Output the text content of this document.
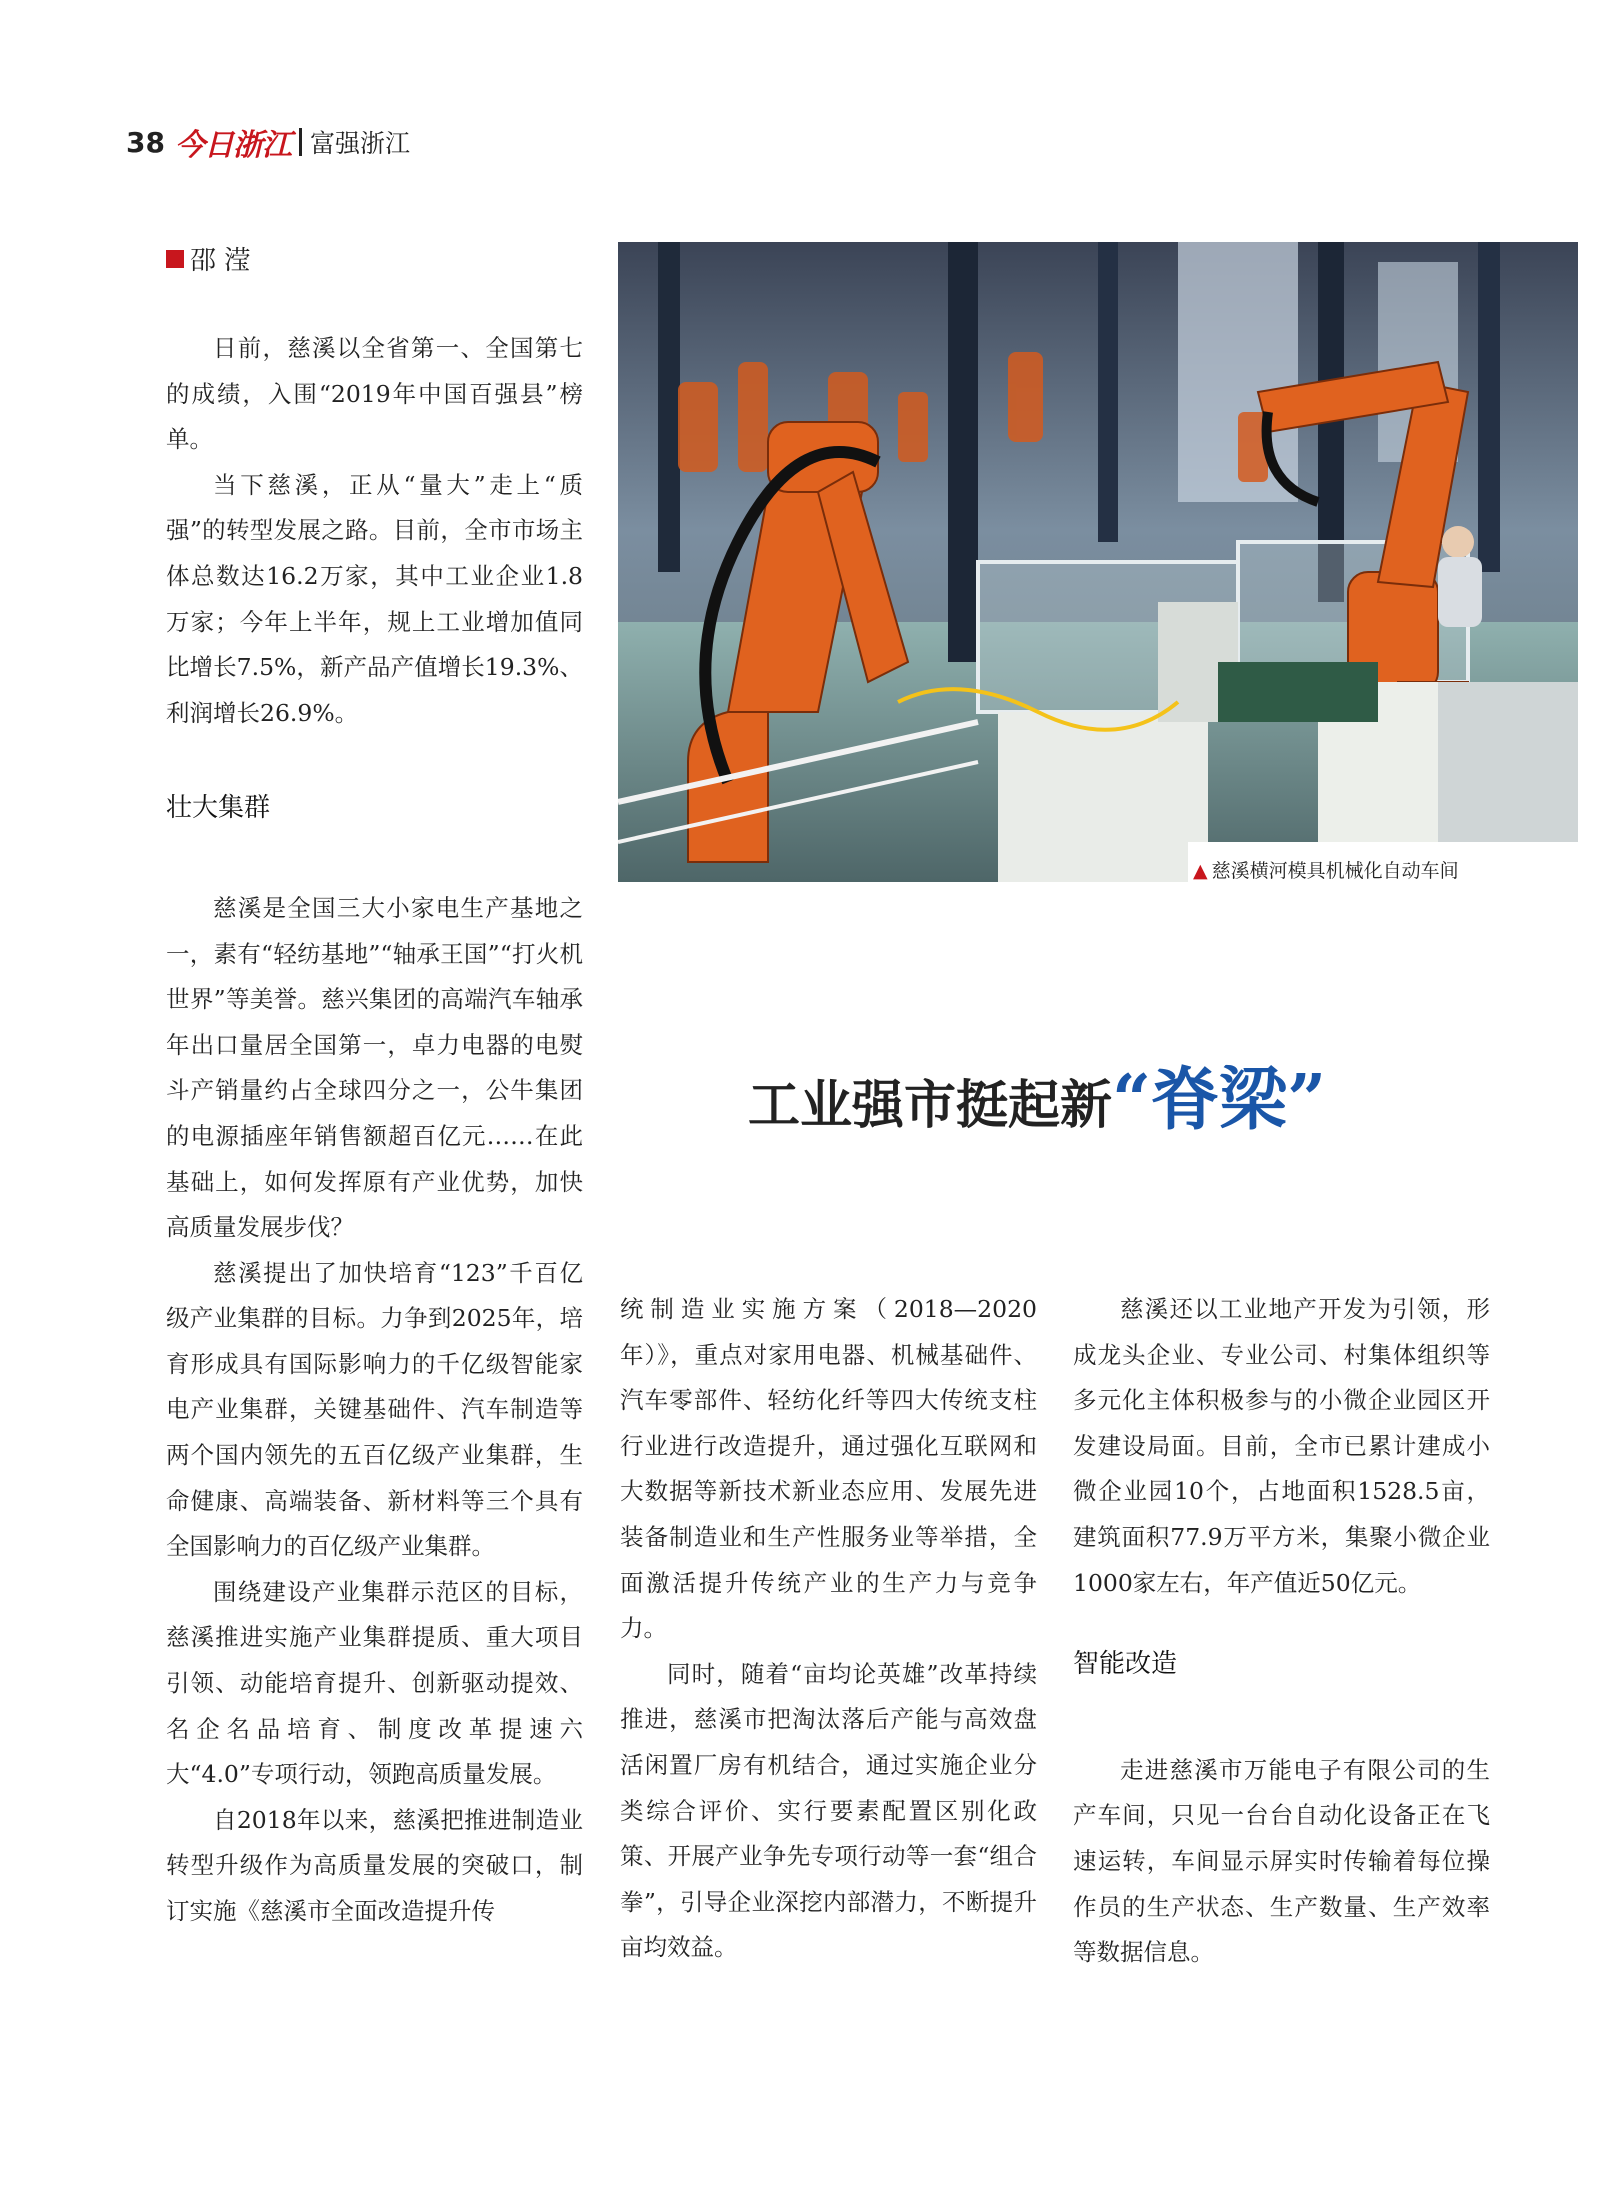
38 今日浙江 富强浙江
邵 滢
▲ 慈溪横河模具机械化自动车间
工业强市挺起新“脊梁”

日前，慈溪以全省第一、全国第七的成绩，入围“2019年中国百强县”榜单。

当下慈溪，正从“量大”走上“质强”的转型发展之路。目前，全市市场主体总数达16.2万家，其中工业企业1.8万家；今年上半年，规上工业增加值同比增长7.5%，新产品产值增长19.3%、利润增长26.9%。

壮大集群

慈溪是全国三大小家电生产基地之一，素有“轻纺基地”“轴承王国”“打火机世界”等美誉。慈兴集团的高端汽车轴承年出口量居全国第一，卓力电器的电熨斗产销量约占全球四分之一，公牛集团的电源插座年销售额超百亿元……在此基础上，如何发挥原有产业优势，加快高质量发展步伐？

慈溪提出了加快培育“123”千百亿级产业集群的目标。力争到2025年，培育形成具有国际影响力的千亿级智能家电产业集群，关键基础件、汽车制造等两个国内领先的五百亿级产业集群，生命健康、高端装备、新材料等三个具有全国影响力的百亿级产业集群。

围绕建设产业集群示范区的目标，慈溪推进实施产业集群提质、重大项目引领、动能培育提升、创新驱动提效、名企名品培育、制度改革提速六大“4.0”专项行动，领跑高质量发展。

自2018年以来，慈溪把推进制造业转型升级作为高质量发展的突破口，制订实施《慈溪市全面改造提升传

统制造业实施方案（2018—2020年）》，重点对家用电器、机械基础件、汽车零部件、轻纺化纤等四大传统支柱行业进行改造提升，通过强化互联网和大数据等新技术新业态应用、发展先进装备制造业和生产性服务业等举措，全面激活提升传统产业的生产力与竞争力。

同时，随着“亩均论英雄”改革持续推进，慈溪市把淘汰落后产能与高效盘活闲置厂房有机结合，通过实施企业分类综合评价、实行要素配置区别化政策、开展产业争先专项行动等一套“组合拳”，引导企业深挖内部潜力，不断提升亩均效益。

慈溪还以工业地产开发为引领，形成龙头企业、专业公司、村集体组织等多元化主体积极参与的小微企业园区开发建设局面。目前，全市已累计建成小微企业园10个，占地面积1528.5亩，建筑面积77.9万平方米，集聚小微企业1000家左右，年产值近50亿元。

智能改造

走进慈溪市万能电子有限公司的生产车间，只见一台台自动化设备正在飞速运转，车间显示屏实时传输着每位操作员的生产状态、生产数量、生产效率等数据信息。
